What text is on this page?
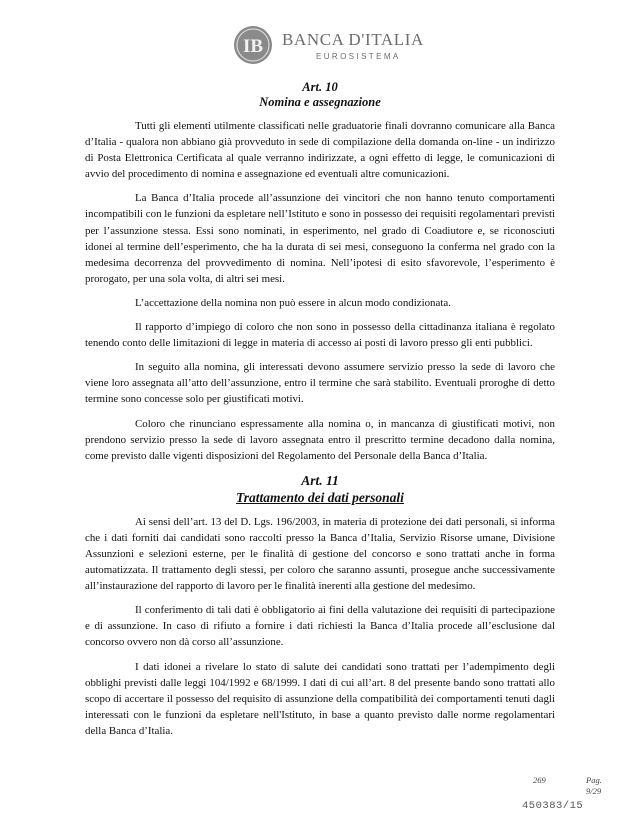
IB BANCA D'ITALIA
EUROSISTEMA

Art. 10

Nomina e assegnazione

Tutti gli elementi utilmente classificati nelle graduatorie finali dovranno comunicare alla Banca d’Italia - qualora non abbiano già provveduto in sede di compilazione della domanda on-line - un indirizzo di Posta Elettronica Certificata al quale verranno indirizzate, a ogni effetto di legge, le comunicazioni di avvio del procedimento di nomina e assegnazione ed eventuali altre comunicazioni.

La Banca d’Italia procede all’assunzione dei vincitori che non hanno tenuto comportamenti incompatibili con le funzioni da espletare nell’Istituto e sono in possesso dei requisiti regolamentari previsti per l’assunzione stessa. Essi sono nominati, in esperimento, nel grado di Coadiutore e, se riconosciuti idonei al termine dell’esperimento, che ha la durata di sei mesi, conseguono la conferma nel grado con la medesima decorrenza del provvedimento di nomina. Nell’ipotesi di esito sfavorevole, l’esperimento è prorogato, per una sola volta, di altri sei mesi.

L’accettazione della nomina non può essere in alcun modo condizionata.

Il rapporto d’impiego di coloro che non sono in possesso della cittadinanza italiana è regolato tenendo conto delle limitazioni di legge in materia di accesso ai posti di lavoro presso gli enti pubblici.

In seguito alla nomina, gli interessati devono assumere servizio presso la sede di lavoro che viene loro assegnata all’atto dell’assunzione, entro il termine che sarà stabilito. Eventuali proroghe di detto termine sono concesse solo per giustificati motivi.

Coloro che rinunciano espressamente alla nomina o, in mancanza di giustificati motivi, non prendono servizio presso la sede di lavoro assegnata entro il prescritto termine decadono dalla nomina, come previsto dalle vigenti disposizioni del Regolamento del Personale della Banca d’Italia.

Art. 11

Trattamento dei dati personali

Ai sensi dell’art. 13 del D. Lgs. 196/2003, in materia di protezione dei dati personali, si informa che i dati forniti dai candidati sono raccolti presso la Banca d’Italia, Servizio Risorse umane, Divisione Assunzioni e selezioni esterne, per le finalità di gestione del concorso e sono trattati anche in forma automatizzata. Il trattamento degli stessi, per coloro che saranno assunti, prosegue anche successivamente all’instaurazione del rapporto di lavoro per le finalità inerenti alla gestione del medesimo.

Il conferimento di tali dati è obbligatorio ai fini della valutazione dei requisiti di partecipazione e di assunzione. In caso di rifiuto a fornire i dati richiesti la Banca d’Italia procede all’esclusione dal concorso ovvero non dà corso all’assunzione.

I dati idonei a rivelare lo stato di salute dei candidati sono trattati per l’adempimento degli obblighi previsti dalle leggi 104/1992 e 68/1999. I dati di cui all’art. 8 del presente bando sono trattati allo scopo di accertare il possesso del requisito di assunzione della compatibilità dei comportamenti tenuti dagli interessati con le funzioni da espletare nell'Istituto, in base a quanto previsto dalle norme regolamentari della Banca d’Italia.

269	Pag.
9/29
450383/15
